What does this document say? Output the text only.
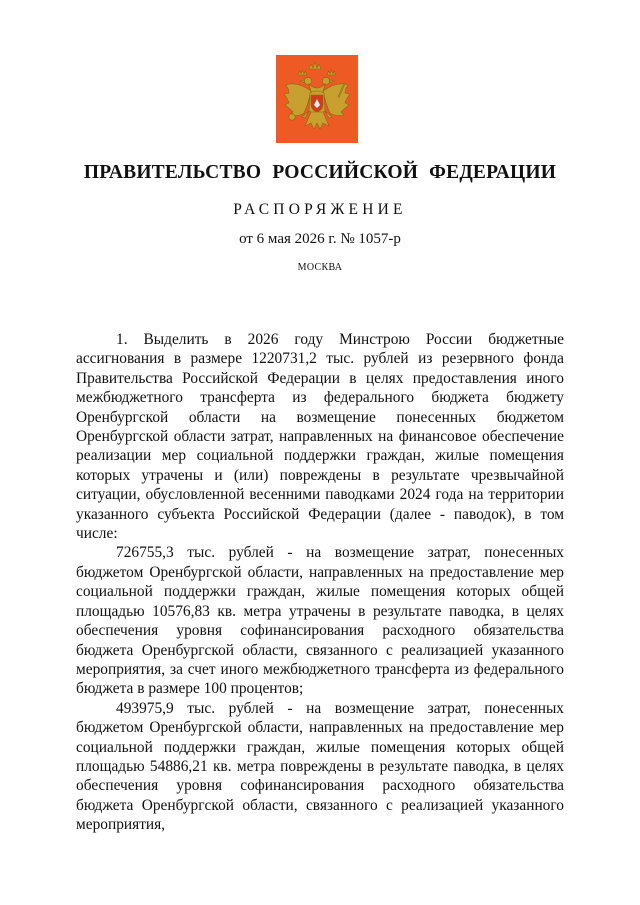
ПРАВИТЕЛЬСТВО РОССИЙСКОЙ ФЕДЕРАЦИИ
РАСПОРЯЖЕНИЕ
от 6 мая 2026 г. № 1057-р
МОСКВА

1. Выделить в 2026 году Минстрою России бюджетные ассигнования в размере 1220731,2 тыс. рублей из резервного фонда Правительства Российской Федерации в целях предоставления иного межбюджетного трансферта из федерального бюджета бюджету Оренбургской области на возмещение понесенных бюджетом Оренбургской области затрат, направленных на финансовое обеспечение реализации мер социальной поддержки граждан, жилые помещения которых утрачены и (или) повреждены в результате чрезвычайной ситуации, обусловленной весенними паводками 2024 года на территории указанного субъекта Российской Федерации (далее - паводок), в том числе:

726755,3 тыс. рублей - на возмещение затрат, понесенных бюджетом Оренбургской области, направленных на предоставление мер социальной поддержки граждан, жилые помещения которых общей площадью 10576,83 кв. метра утрачены в результате паводка, в целях обеспечения уровня софинансирования расходного обязательства бюджета Оренбургской области, связанного с реализацией указанного мероприятия, за счет иного межбюджетного трансферта из федерального бюджета в размере 100 процентов;

493975,9 тыс. рублей - на возмещение затрат, понесенных бюджетом Оренбургской области, направленных на предоставление мер социальной поддержки граждан, жилые помещения которых общей площадью 54886,21 кв. метра повреждены в результате паводка, в целях обеспечения уровня софинансирования расходного обязательства бюджета Оренбургской области, связанного с реализацией указанного мероприятия,
